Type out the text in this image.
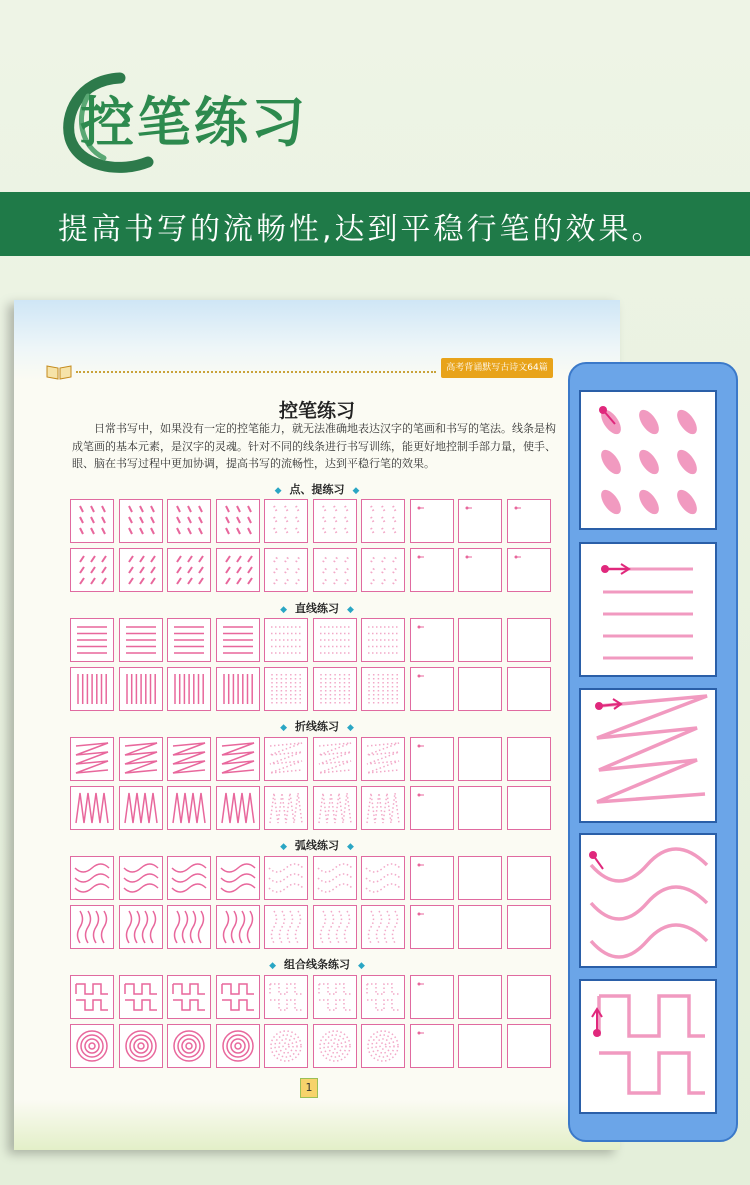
控笔练习
提高书写的流畅性,达到平稳行笔的效果。
高考背诵默写古诗文64篇
控笔练习
日常书写中，如果没有一定的控笔能力，就无法准确地表达汉字的笔画和书写的笔法。线条是构成笔画的基本元素，是汉字的灵魂。针对不同的线条进行书写训练，能更好地控制手部力量，使手、眼、脑在书写过程中更加协调，提高书写的流畅性，达到平稳行笔的效果。
◆ 点、提练习 ◆
◆ 直线练习 ◆
◆ 折线练习 ◆
◆ 弧线练习 ◆
◆ 组合线条练习 ◆
1
